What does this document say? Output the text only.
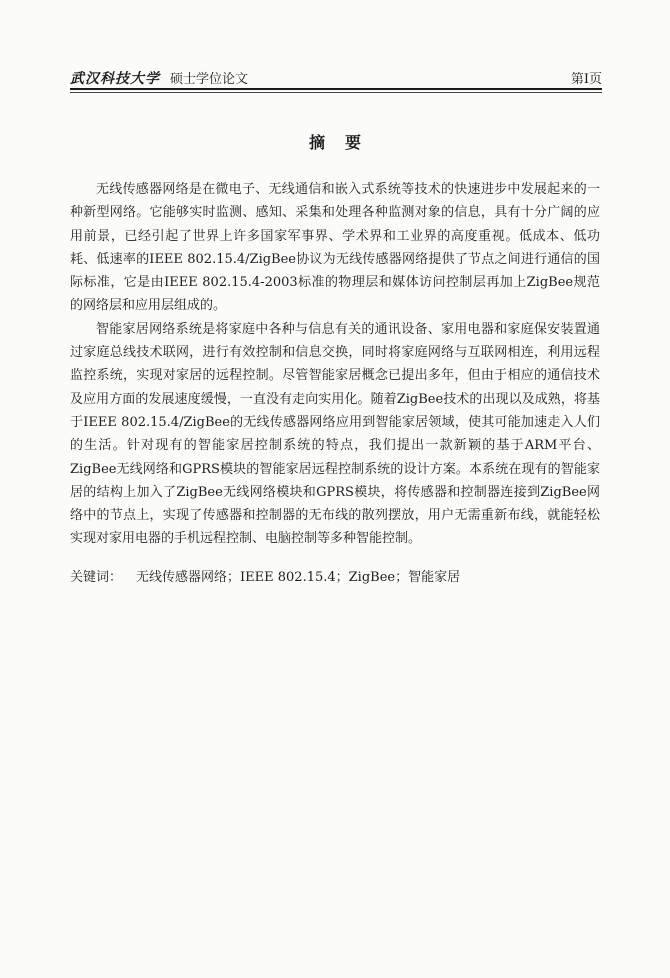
武汉科技大学 硕士学位论文	第I页
摘要

无线传感器网络是在微电子、无线通信和嵌入式系统等技术的快速进步中发展起来的一种新型网络。它能够实时监测、感知、采集和处理各种监测对象的信息，具有十分广阔的应用前景，已经引起了世界上许多国家军事界、学术界和工业界的高度重视。低成本、低功耗、低速率的IEEE 802.15.4/ZigBee协议为无线传感器网络提供了节点之间进行通信的国际标准，它是由IEEE 802.15.4-2003标准的物理层和媒体访问控制层再加上ZigBee规范的网络层和应用层组成的。

智能家居网络系统是将家庭中各种与信息有关的通讯设备、家用电器和家庭保安装置通过家庭总线技术联网，进行有效控制和信息交换，同时将家庭网络与互联网相连，利用远程监控系统，实现对家居的远程控制。尽管智能家居概念已提出多年，但由于相应的通信技术及应用方面的发展速度缓慢，一直没有走向实用化。随着ZigBee技术的出现以及成熟，将基于IEEE 802.15.4/ZigBee的无线传感器网络应用到智能家居领域，使其可能加速走入人们的生活。针对现有的智能家居控制系统的特点，我们提出一款新颖的基于ARM平台、ZigBee无线网络和GPRS模块的智能家居远程控制系统的设计方案。本系统在现有的智能家居的结构上加入了ZigBee无线网络模块和GPRS模块，将传感器和控制器连接到ZigBee网络中的节点上，实现了传感器和控制器的无布线的散列摆放，用户无需重新布线，就能轻松实现对家用电器的手机远程控制、电脑控制等多种智能控制。

关键词： 无线传感器网络；IEEE 802.15.4；ZigBee；智能家居
